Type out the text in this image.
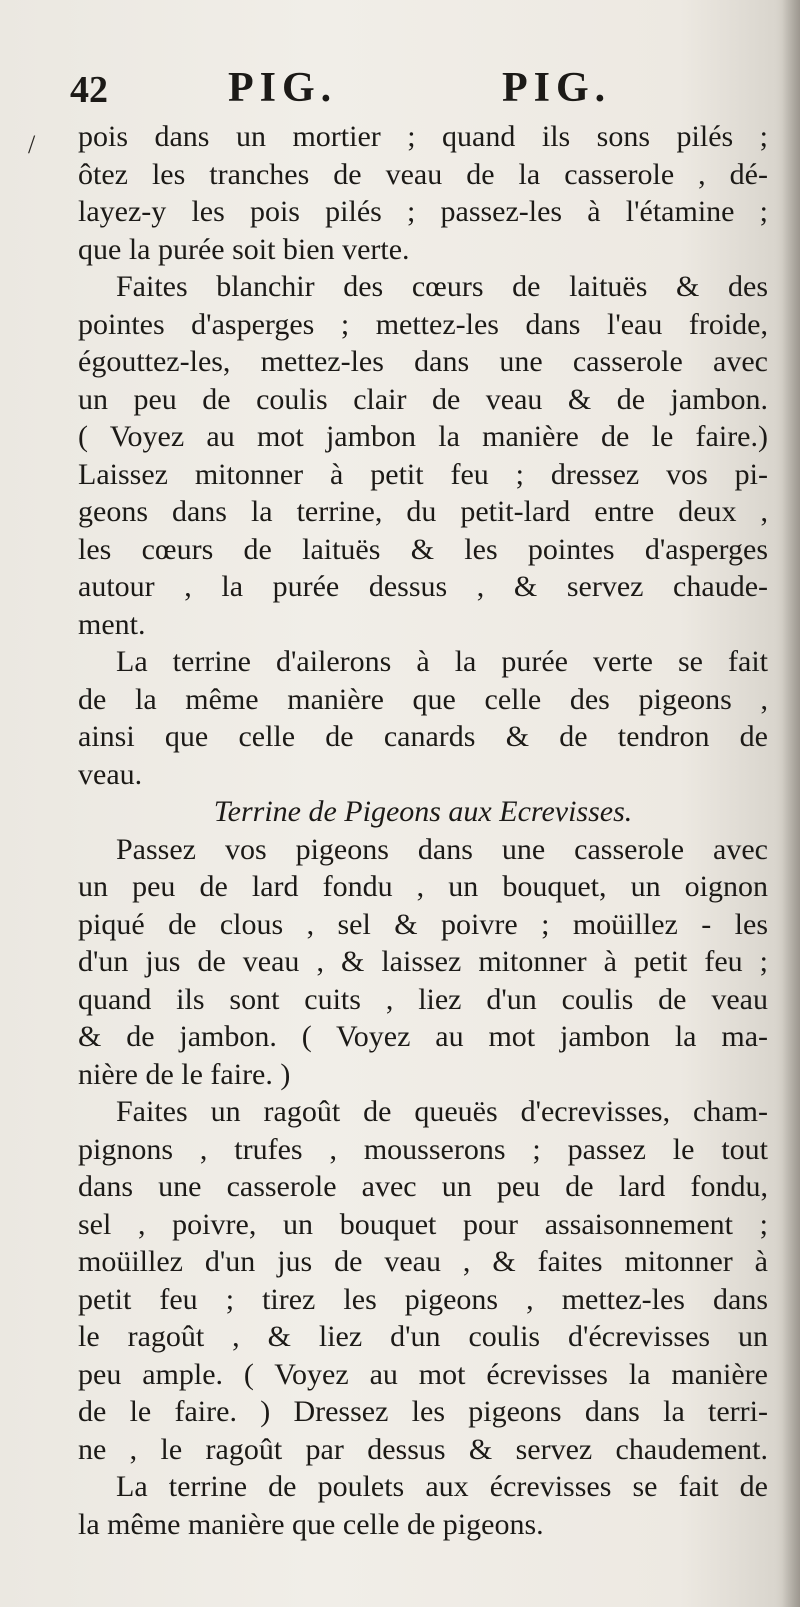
42	PIG.	PIG.
/ pois dans un mortier ; quand ils sons pilés ;
ôtez les tranches de veau de la casserole , dé-
layez-y les pois pilés ; passez-les à l'étamine ;
que la purée soit bien verte.
Faites blanchir des cœurs de laituës & des
pointes d'asperges ; mettez-les dans l'eau froide,
égouttez-les, mettez-les dans une casserole avec
un peu de coulis clair de veau & de jambon.
( Voyez au mot jambon la manière de le faire.)
Laissez mitonner à petit feu ; dressez vos pi-
geons dans la terrine, du petit-lard entre deux ,
les cœurs de laituës & les pointes d'asperges
autour , la purée dessus , & servez chaude-
ment.
La terrine d'ailerons à la purée verte se fait
de la même manière que celle des pigeons ,
ainsi que celle de canards & de tendron de
veau.
Terrine de Pigeons aux Ecrevisses.
Passez vos pigeons dans une casserole avec
un peu de lard fondu , un bouquet, un oignon
piqué de clous , sel & poivre ; moüillez - les
d'un jus de veau , & laissez mitonner à petit feu ;
quand ils sont cuits , liez d'un coulis de veau
& de jambon. ( Voyez au mot jambon la ma-
nière de le faire. )
Faites un ragoût de queuës d'ecrevisses, cham-
pignons , trufes , mousserons ; passez le tout
dans une casserole avec un peu de lard fondu,
sel , poivre, un bouquet pour assaisonnement ;
moüillez d'un jus de veau , & faites mitonner à
petit feu ; tirez les pigeons , mettez-les dans
le ragoût , & liez d'un coulis d'écrevisses un
peu ample. ( Voyez au mot écrevisses la manière
de le faire. ) Dressez les pigeons dans la terri-
ne , le ragoût par dessus & servez chaudement.
La terrine de poulets aux écrevisses se fait de
la même manière que celle de pigeons.
